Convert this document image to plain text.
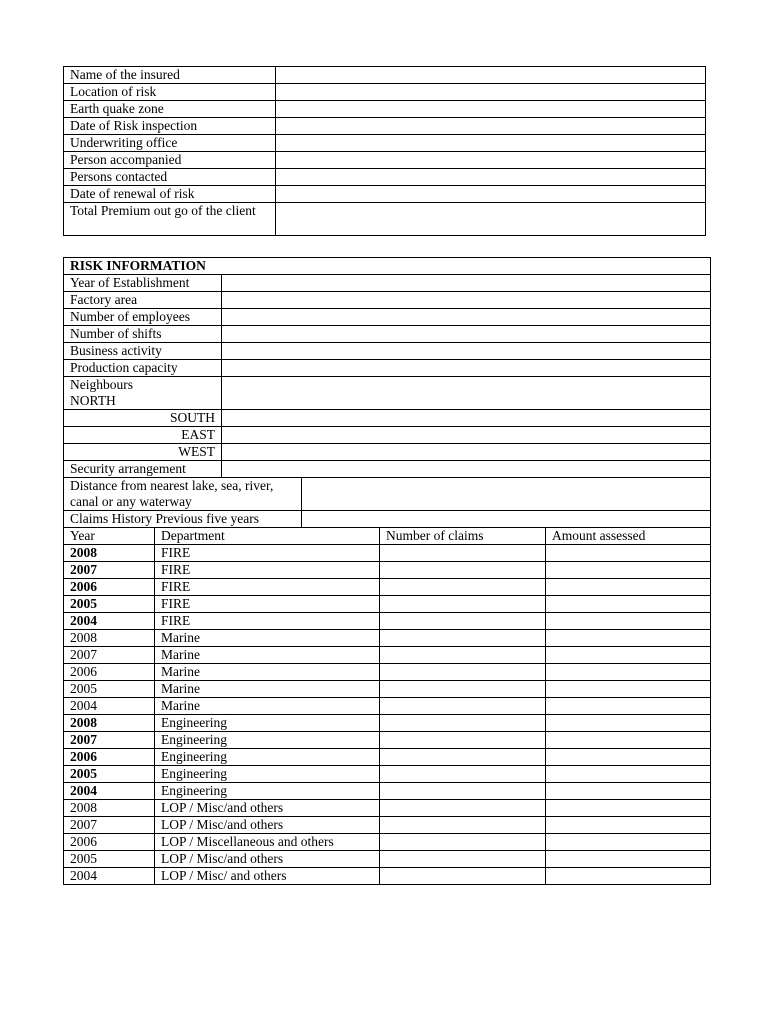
Name of the insured	
Location of risk	
Earth quake zone	
Date of Risk inspection	
Underwriting office	
Person accompanied	
Persons contacted	
Date of renewal of risk	
Total Premium out go of the client	
RISK INFORMATION					
Year of Establishment					
Factory area					
Number of employees					
Number of shifts					
Business activity					
Production capacity					

Neighbours
NORTH					

SOUTH					
EAST					
WEST					
Security arrangement					
Distance from nearest lake, sea, river, canal or any waterway					
Claims History Previous five years					
Year	Department			Number of claims	Amount assessed
2008	FIRE				
2007	FIRE				
2006	FIRE				
2005	FIRE				
2004	FIRE				
2008	Marine				
2007	Marine				
2006	Marine				
2005	Marine				
2004	Marine				
2008	Engineering				
2007	Engineering				
2006	Engineering				
2005	Engineering				
2004	Engineering				
2008	LOP / Misc/and others				
2007	LOP / Misc/and others				
2006	LOP / Miscellaneous and others				
2005	LOP / Misc/and others				
2004	LOP / Misc/ and others				
